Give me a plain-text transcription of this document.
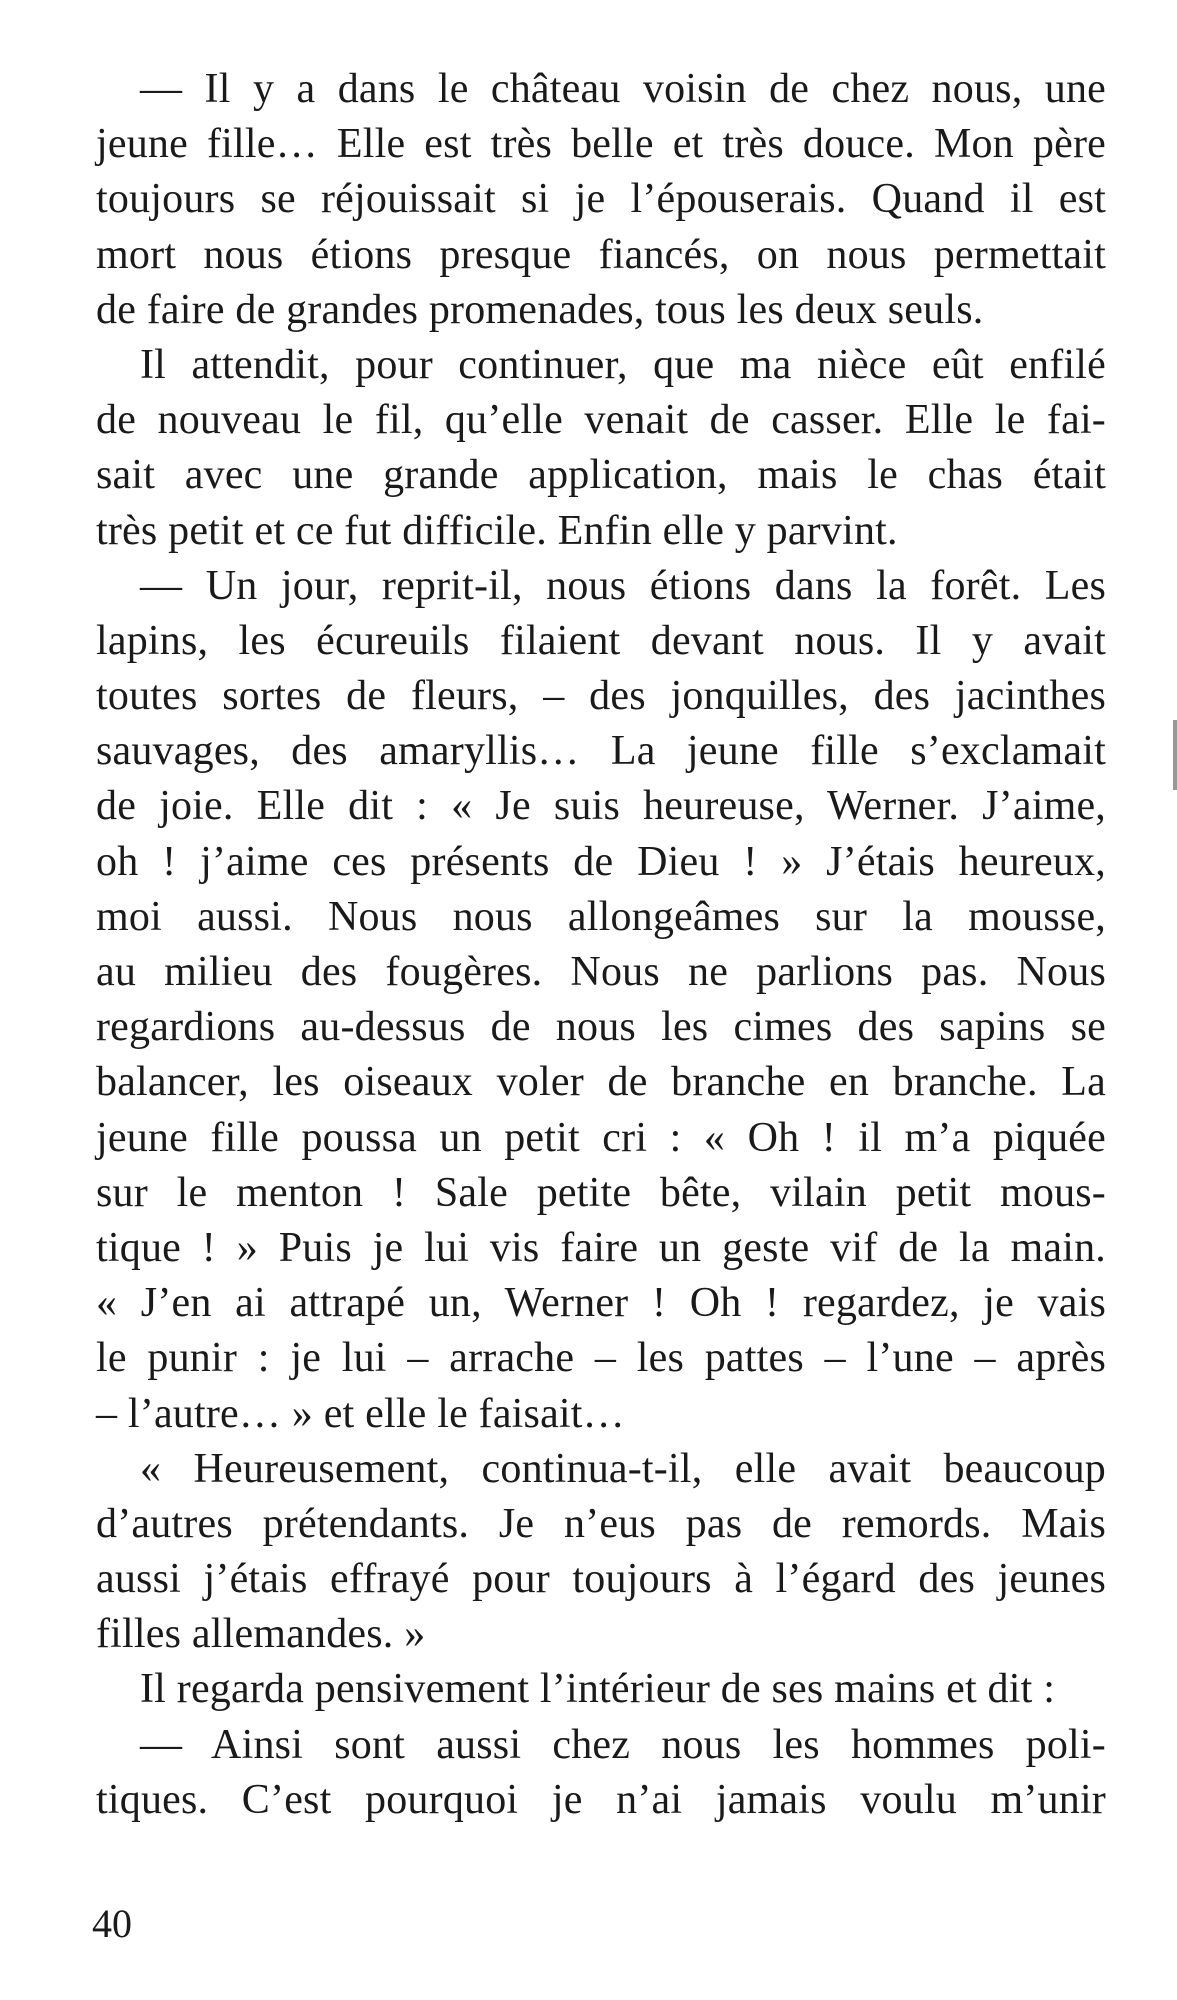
— Il y a dans le château voisin de chez nous, une
jeune fille… Elle est très belle et très douce. Mon père
toujours se réjouissait si je l’épouserais. Quand il est
mort nous étions presque fiancés, on nous permettait
de faire de grandes promenades, tous les deux seuls.
Il attendit, pour continuer, que ma nièce eût enfilé
de nouveau le fil, qu’elle venait de casser. Elle le fai-
sait avec une grande application, mais le chas était
très petit et ce fut difficile. Enfin elle y parvint.
— Un jour, reprit-il, nous étions dans la forêt. Les
lapins, les écureuils filaient devant nous. Il y avait
toutes sortes de fleurs, – des jonquilles, des jacinthes
sauvages, des amaryllis… La jeune fille s’exclamait
de joie. Elle dit : « Je suis heureuse, Werner. J’aime,
oh ! j’aime ces présents de Dieu ! » J’étais heureux,
moi aussi. Nous nous allongeâmes sur la mousse,
au milieu des fougères. Nous ne parlions pas. Nous
regardions au-dessus de nous les cimes des sapins se
balancer, les oiseaux voler de branche en branche. La
jeune fille poussa un petit cri : « Oh ! il m’a piquée
sur le menton ! Sale petite bête, vilain petit mous-
tique ! » Puis je lui vis faire un geste vif de la main.
« J’en ai attrapé un, Werner ! Oh ! regardez, je vais
le punir : je lui – arrache – les pattes – l’une – après
– l’autre… » et elle le faisait…
« Heureusement, continua-t-il, elle avait beaucoup
d’autres prétendants. Je n’eus pas de remords. Mais
aussi j’étais effrayé pour toujours à l’égard des jeunes
filles allemandes. »
Il regarda pensivement l’intérieur de ses mains et dit :
— Ainsi sont aussi chez nous les hommes poli-
tiques. C’est pourquoi je n’ai jamais voulu m’unir
40
